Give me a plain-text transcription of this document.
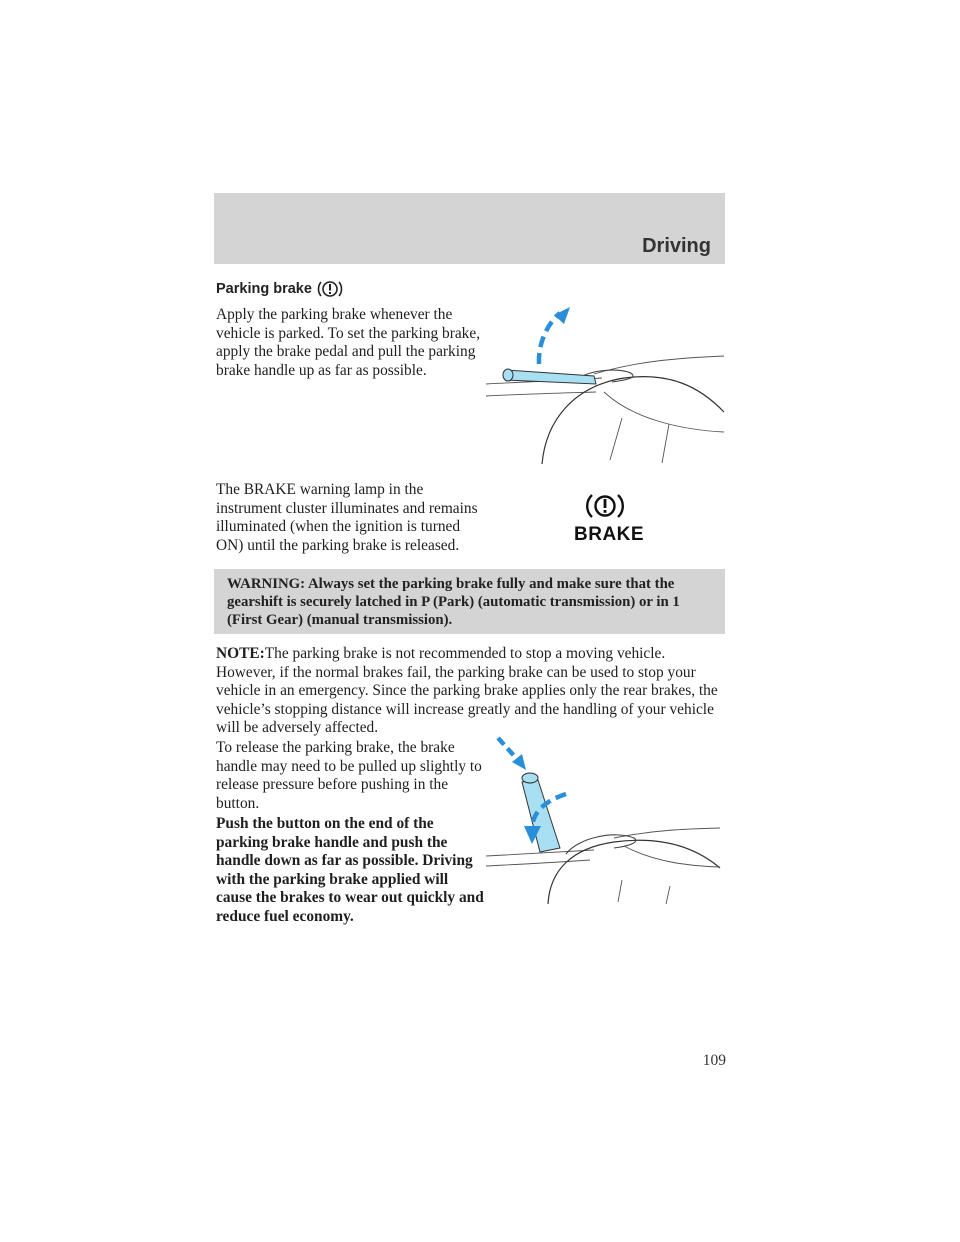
Driving
Parking brake

Apply the parking brake whenever the vehicle is parked. To set the parking brake, apply the brake pedal and pull the parking brake handle up as far as possible.

The BRAKE warning lamp in the instrument cluster illuminates and remains illuminated (when the ignition is turned ON) until the parking brake is released.

BRAKE

WARNING: Always set the parking brake fully and make sure that the gearshift is securely latched in P (Park) (automatic transmission) or in 1 (First Gear) (manual transmission).

NOTE:The parking brake is not recommended to stop a moving vehicle. However, if the normal brakes fail, the parking brake can be used to stop your vehicle in an emergency. Since the parking brake applies only the rear brakes, the vehicle’s stopping distance will increase greatly and the handling of your vehicle will be adversely affected.

To release the parking brake, the brake handle may need to be pulled up slightly to release pressure before pushing in the button.

Push the button on the end of the parking brake handle and push the handle down as far as possible. Driving with the parking brake applied will cause the brakes to wear out quickly and reduce fuel economy.

109
